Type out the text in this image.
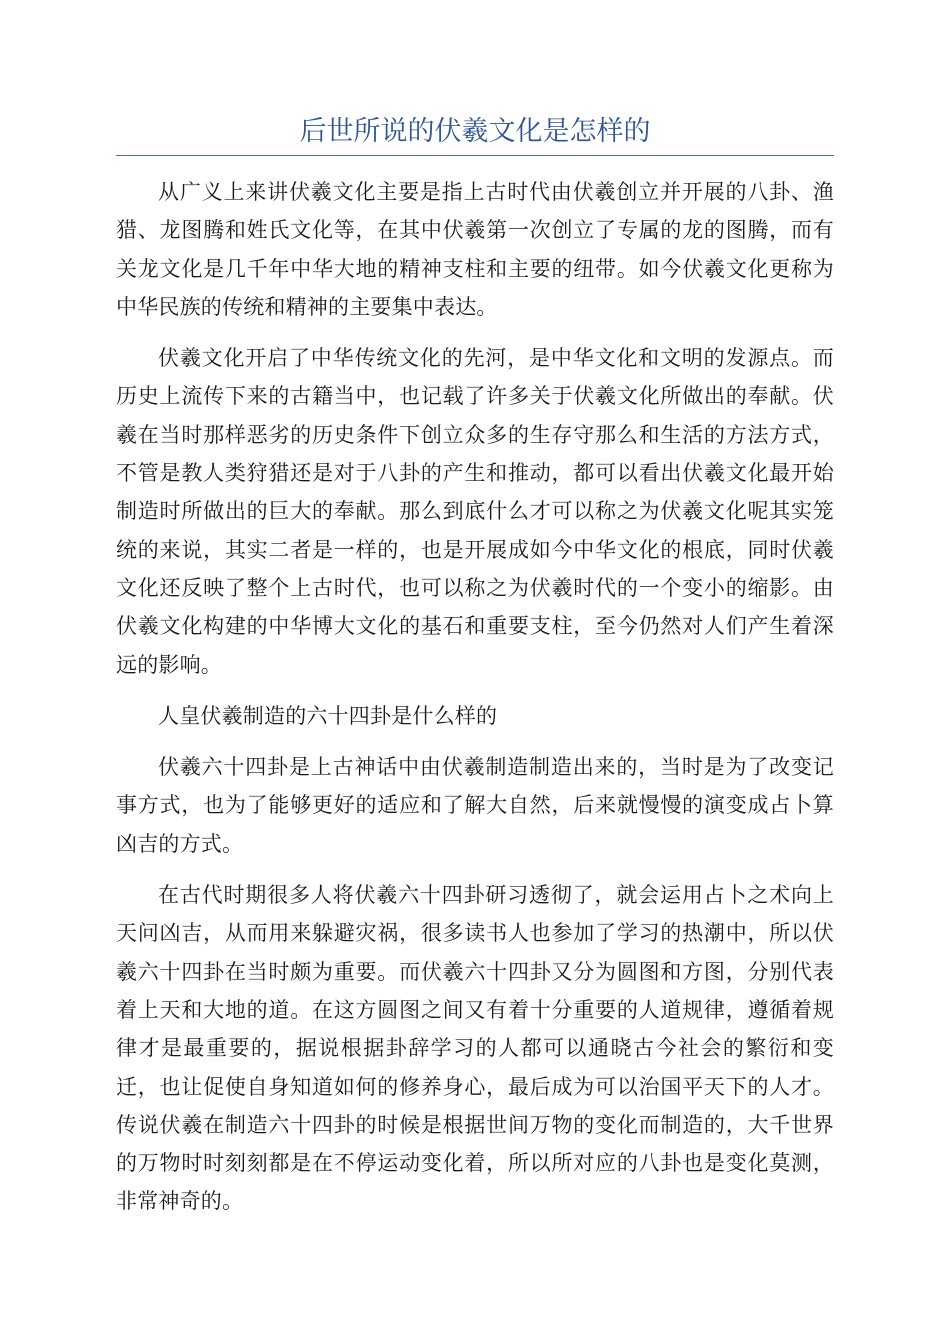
后世所说的伏羲文化是怎样的

从广义上来讲伏羲文化主要是指上古时代由伏羲创立并开展的八卦、渔猎、龙图腾和姓氏文化等，在其中伏羲第一次创立了专属的龙的图腾，而有关龙文化是几千年中华大地的精神支柱和主要的纽带。如今伏羲文化更称为中华民族的传统和精神的主要集中表达。

伏羲文化开启了中华传统文化的先河，是中华文化和文明的发源点。而历史上流传下来的古籍当中，也记载了许多关于伏羲文化所做出的奉献。伏羲在当时那样恶劣的历史条件下创立众多的生存守那么和生活的方法方式，不管是教人类狩猎还是对于八卦的产生和推动，都可以看出伏羲文化最开始制造时所做出的巨大的奉献。那么到底什么才可以称之为伏羲文化呢其实笼统的来说，其实二者是一样的，也是开展成如今中华文化的根底，同时伏羲文化还反映了整个上古时代，也可以称之为伏羲时代的一个变小的缩影。由伏羲文化构建的中华博大文化的基石和重要支柱，至今仍然对人们产生着深远的影响。

人皇伏羲制造的六十四卦是什么样的

伏羲六十四卦是上古神话中由伏羲制造制造出来的，当时是为了改变记事方式，也为了能够更好的适应和了解大自然，后来就慢慢的演变成占卜算凶吉的方式。

在古代时期很多人将伏羲六十四卦研习透彻了，就会运用占卜之术向上天问凶吉，从而用来躲避灾祸，很多读书人也参加了学习的热潮中，所以伏羲六十四卦在当时颇为重要。而伏羲六十四卦又分为圆图和方图，分别代表着上天和大地的道。在这方圆图之间又有着十分重要的人道规律，遵循着规律才是最重要的，据说根据卦辞学习的人都可以通晓古今社会的繁衍和变迁，也让促使自身知道如何的修养身心，最后成为可以治国平天下的人才。传说伏羲在制造六十四卦的时候是根据世间万物的变化而制造的，大千世界的万物时时刻刻都是在不停运动变化着，所以所对应的八卦也是变化莫测，非常神奇的。
